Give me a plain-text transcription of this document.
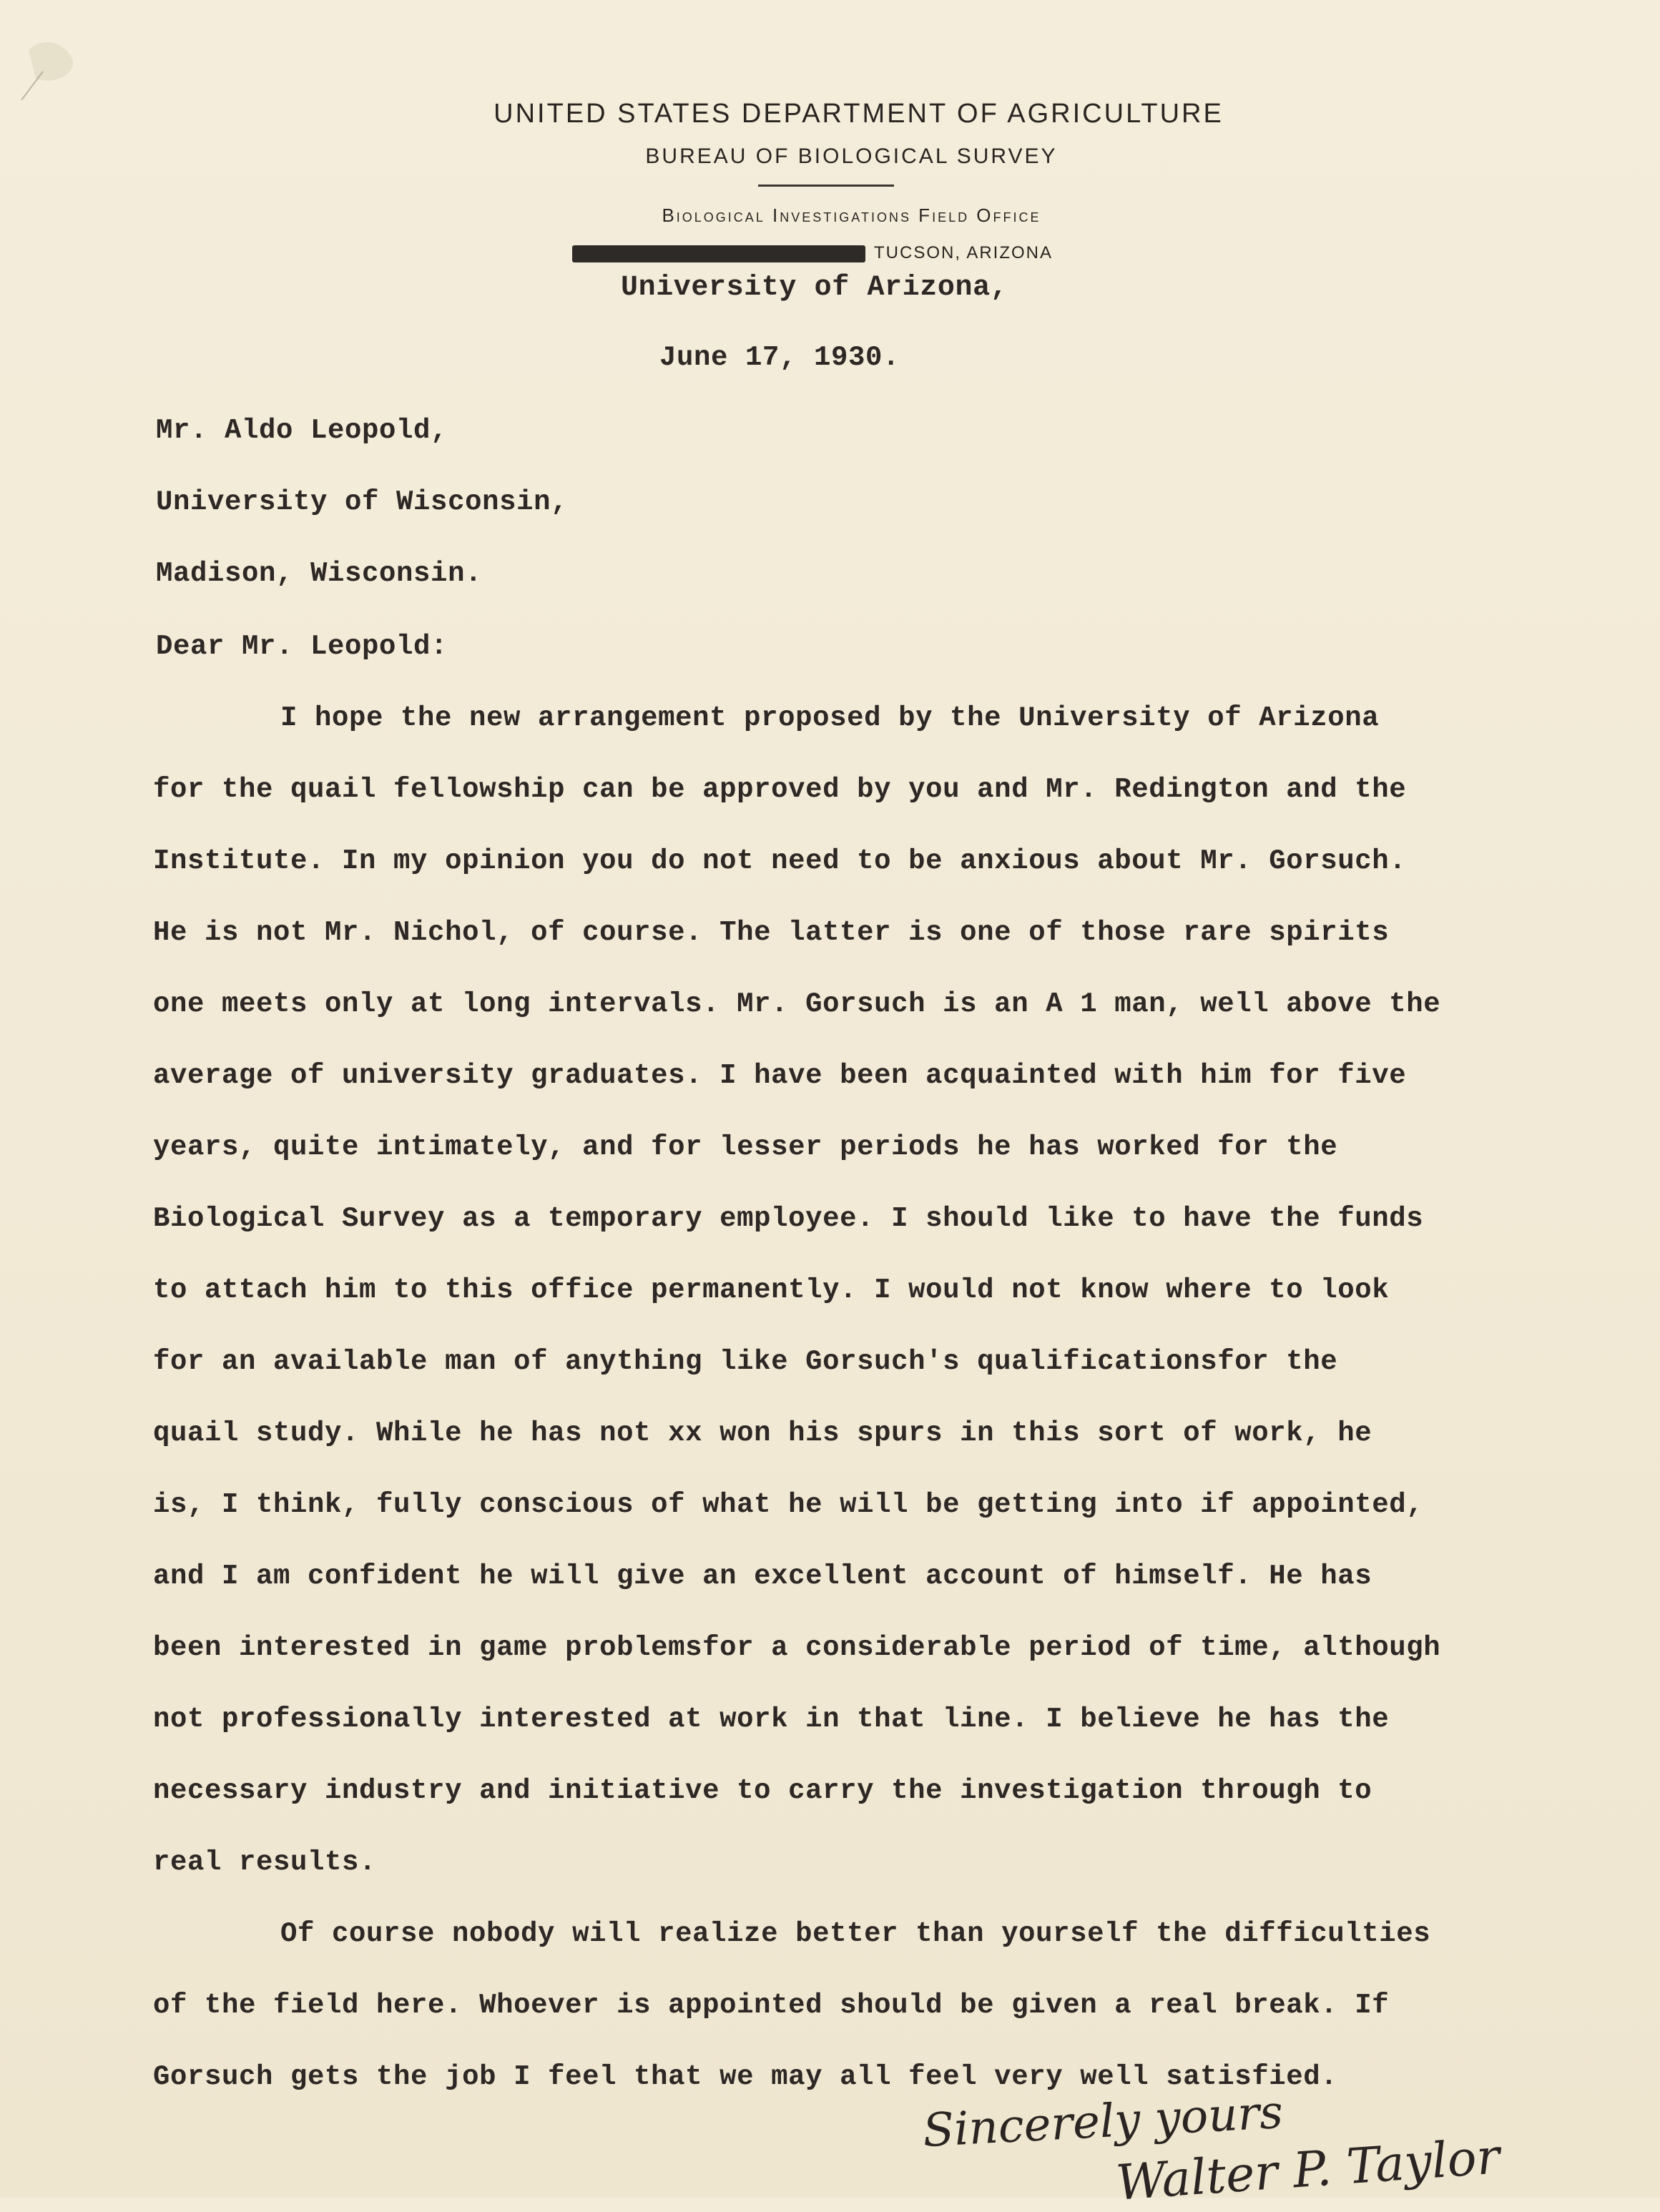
UNITED STATES DEPARTMENT OF AGRICULTURE
BUREAU OF BIOLOGICAL SURVEY
Biological Investigations Field Office
TUCSON, ARIZONA
University of Arizona,
June 17, 1930.
Mr. Aldo Leopold,
University of Wisconsin,
Madison, Wisconsin.
Dear Mr. Leopold:
I hope the new arrangement proposed by the University of Arizona
for the quail fellowship can be approved by you and Mr. Redington and the
Institute. In my opinion you do not need to be anxious about Mr. Gorsuch.
He is not Mr. Nichol, of course. The latter is one of those rare spirits
one meets only at long intervals. Mr. Gorsuch is an A 1 man, well above the
average of university graduates. I have been acquainted with him for five
years, quite intimately, and for lesser periods he has worked for the
Biological Survey as a temporary employee. I should like to have the funds
to attach him to this office permanently. I would not know where to look
for an available man of anything like Gorsuch's qualificationsfor the
quail study. While he has not xx won his spurs in this sort of work, he
is, I think, fully conscious of what he will be getting into if appointed,
and I am confident he will give an excellent account of himself. He has
been interested in game problemsfor a considerable period of time, although
not professionally interested at work in that line. I believe he has the
necessary industry and initiative to carry the investigation through to
real results.
Of course nobody will realize better than yourself the difficulties
of the field here. Whoever is appointed should be given a real break. If
Gorsuch gets the job I feel that we may all feel very well satisfied.
Sincerely yours
Walter P. Taylor
